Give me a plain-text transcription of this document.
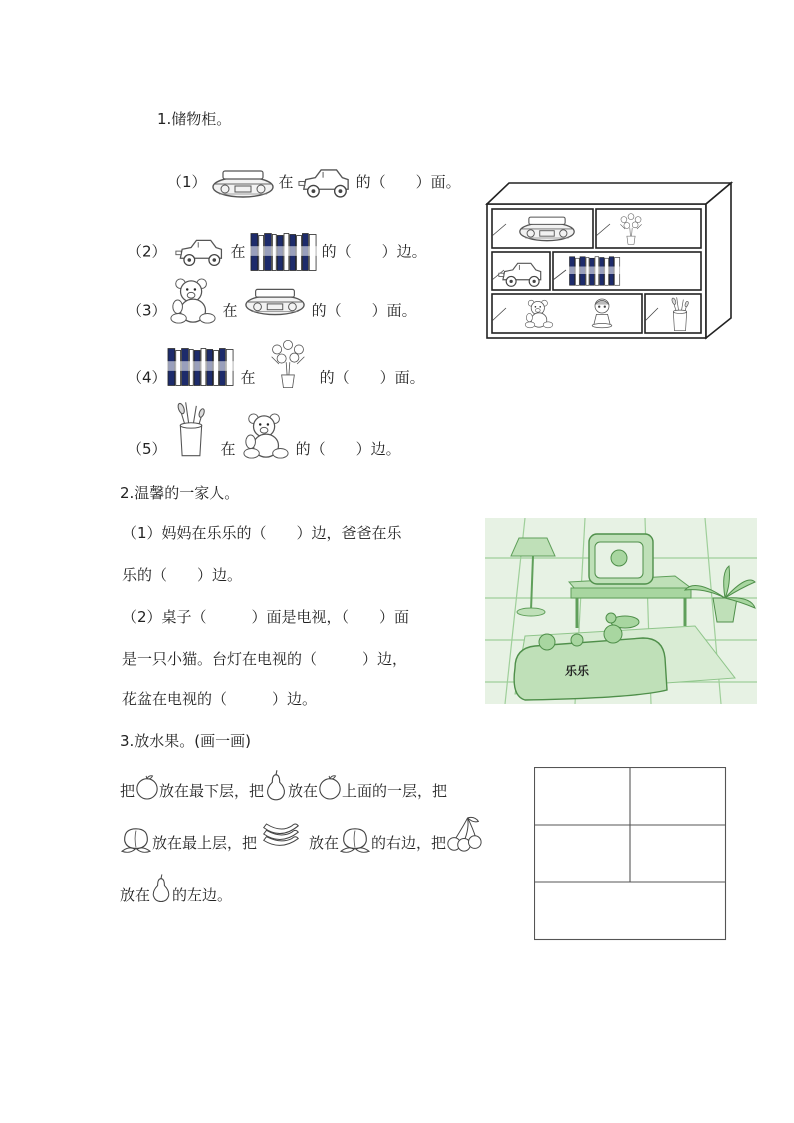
1.储物柜。
（1）	在	的（　　）面。
（2）	在	的（　　）边。
（3）	在	的（　　）面。
（4）	在	的（　　）面。
（5）	在	的（　　）边。
2.温馨的一家人。
（1）妈妈在乐乐的（　　）边，爸爸在乐
乐的（　　）边。
（2）桌子（　　　）面是电视，（　　）面
是一只小猫。台灯在电视的（　　　）边，
花盆在电视的（　　　）边。
乐乐
3.放水果。(画一画)
把 放在最下层，把 放在 上面的一层，把
放在最上层，把	放在 的右边，把
放在 的左边。
